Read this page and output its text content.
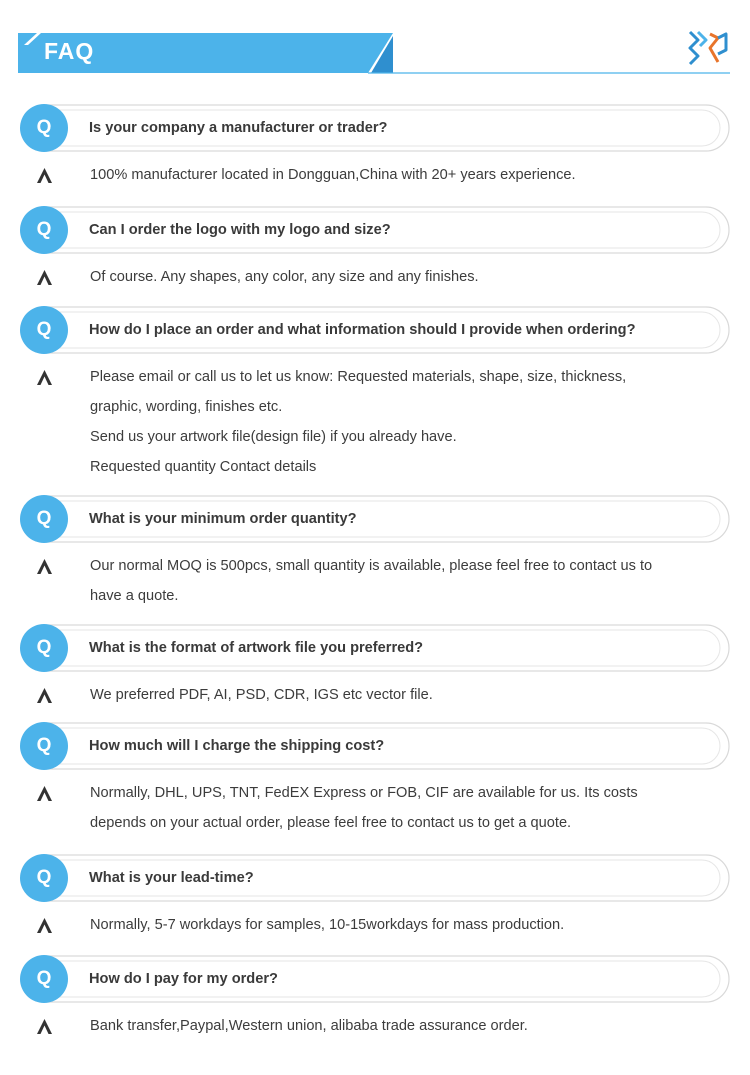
FAQ
Q	Is your company a manufacturer or trader?
100% manufacturer located in Dongguan,China with 20+ years experience.
Q	Can I order the logo with my logo and size?
Of course. Any shapes, any color, any size and any finishes.
Q	How do I place an order and what information should I provide when ordering?
Please email or call us to let us know: Requested materials, shape, size, thickness,
graphic, wording, finishes etc.
Send us your artwork file(design file) if you already have.
Requested quantity Contact details
Q	What is your minimum order quantity?
Our normal MOQ is 500pcs, small quantity is available, please feel free to contact us to
have a quote.
Q	What is the format of artwork file you preferred?
We preferred PDF, AI, PSD, CDR, IGS etc vector file.
Q	How much will I charge the shipping cost?
Normally, DHL, UPS, TNT, FedEX Express or FOB, CIF are available for us. Its costs
depends on your actual order, please feel free to contact us to get a quote.
Q	What is your lead-time?
Normally, 5-7 workdays for samples, 10-15workdays for mass production.
Q	How do I pay for my order?
Bank transfer,Paypal,Western union, alibaba trade assurance order.
